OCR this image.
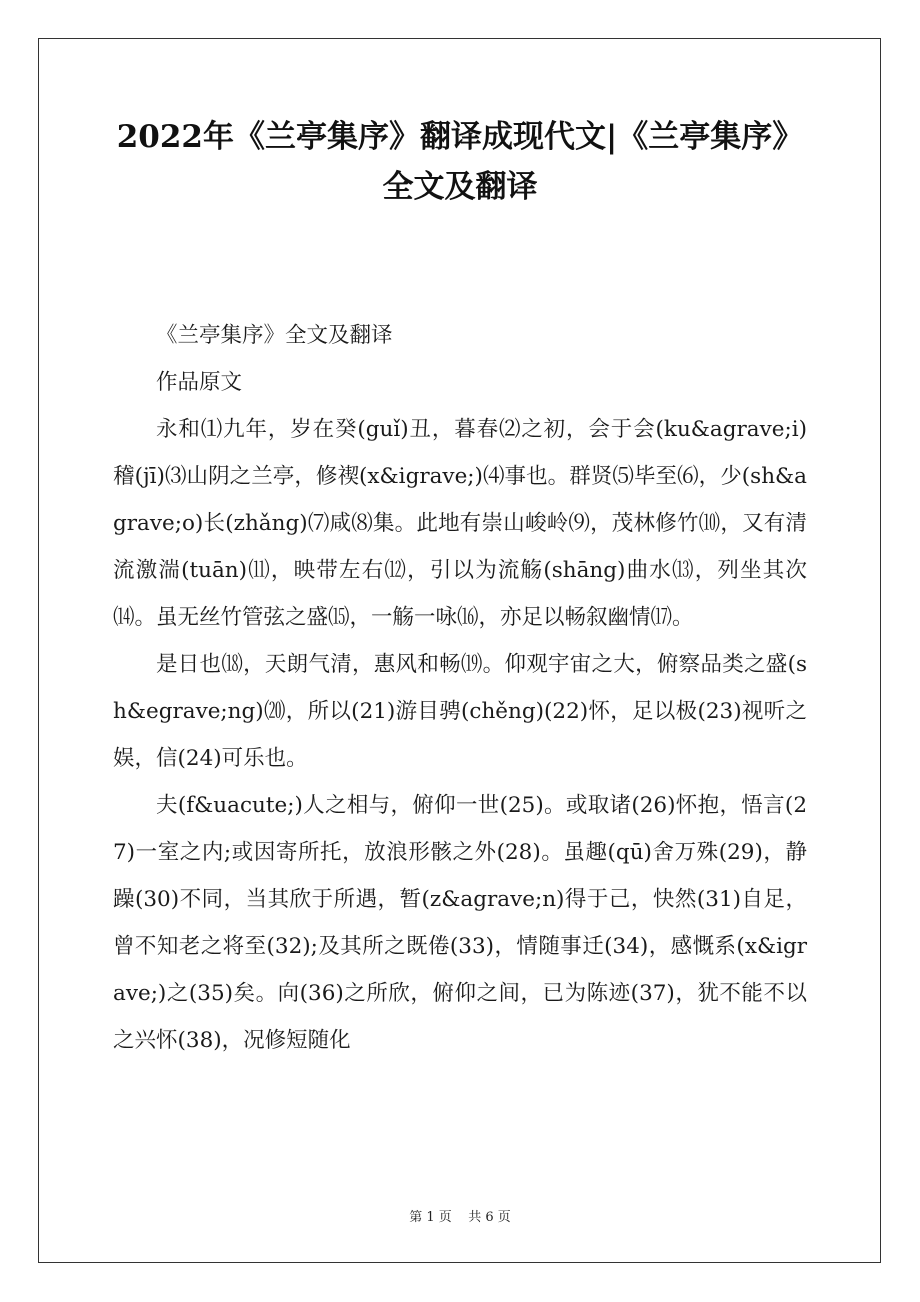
2022年《兰亭集序》翻译成现代文|《兰亭集序》全文及翻译

《兰亭集序》全文及翻译

作品原文

永和⑴九年，岁在癸(guǐ)丑，暮春⑵之初，会于会(ku&agrave;i)稽(jī)⑶山阴之兰亭，修禊(x&igrave;)⑷事也。群贤⑸毕至⑹，少(sh&agrave;o)长(zhǎng)⑺咸⑻集。此地有崇山峻岭⑼，茂林修竹⑽，又有清流激湍(tuān)⑾，映带左右⑿，引以为流觞(shāng)曲水⒀，列坐其次⒁。虽无丝竹管弦之盛⒂，一觞一咏⒃，亦足以畅叙幽情⒄。

是日也⒅，天朗气清，惠风和畅⒆。仰观宇宙之大，俯察品类之盛(sh&egrave;ng)⒇，所以(21)游目骋(chěng)(22)怀，足以极(23)视听之娱，信(24)可乐也。

夫(f&uacute;)人之相与，俯仰一世(25)。或取诸(26)怀抱，悟言(27)一室之内;或因寄所托，放浪形骸之外(28)。虽趣(qū)舍万殊(29)，静躁(30)不同，当其欣于所遇，暂(z&agrave;n)得于己，快然(31)自足，曾不知老之将至(32);及其所之既倦(33)，情随事迁(34)，感慨系(x&igrave;)之(35)矣。向(36)之所欣，俯仰之间，已为陈迹(37)，犹不能不以之兴怀(38)，况修短随化

第 1 页    共 6 页
